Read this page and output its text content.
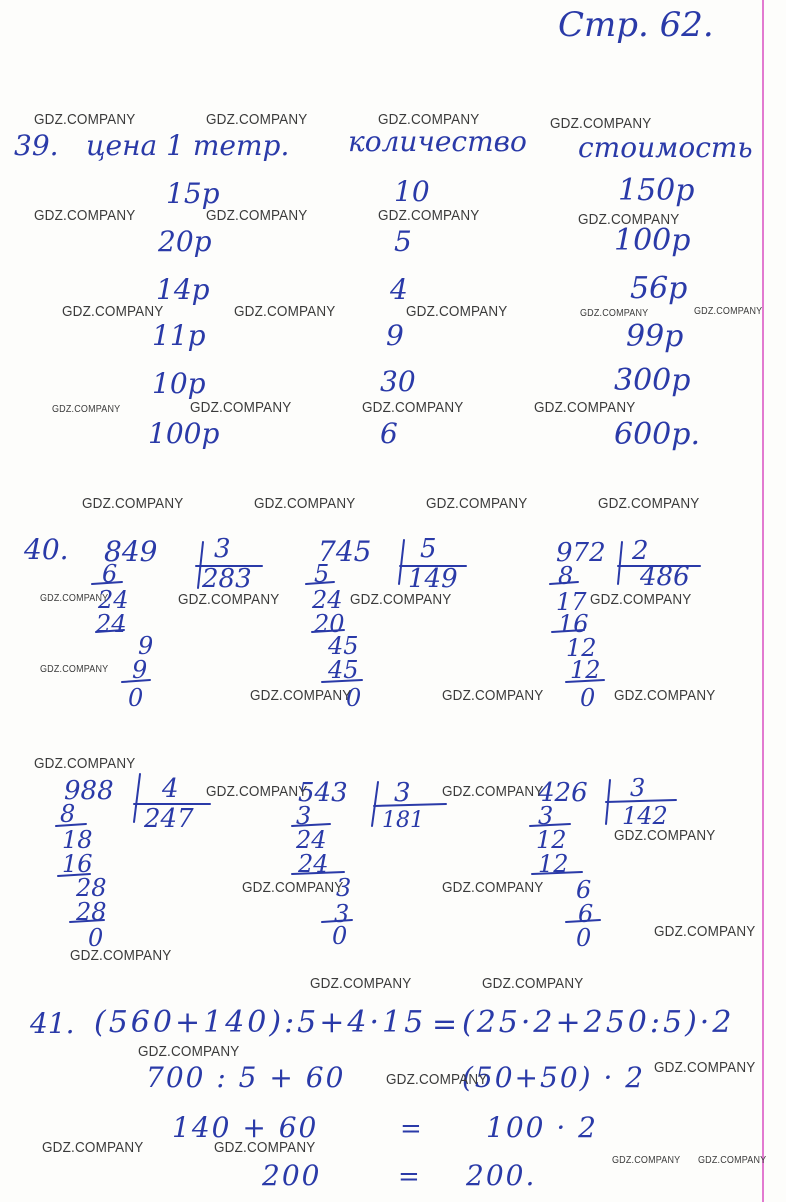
Стр. 62.
39. цена 1 тетр. количество стоимость
15р	10	150р
20р	5	100р
14р	4	56р
11р	9	99р
10р	30	300р
100р	6	600р.
40. 849 3
283
6
24
24
9
9
0
745 5
149
5
24
20
45
45
0
972 2
486
8
17
16
12
12
0
988 4
247
8
18
16
28
28
0
543 3
181
3
24
24
3
3
0
426 3
142
3
12
12
6
6
0
41. (560+140):5+4·15 = (25·2+250:5)·2
700 : 5 + 60	(50+50) · 2
140 + 60	= 100 · 2
200	= 200.
GDZ.COMPANY	GDZ.COMPANY	GDZ.COMPANY	GDZ.COMPANY
GDZ.COMPANY	GDZ.COMPANY	GDZ.COMPANY	GDZ.COMPANY
GDZ.COMPANY	GDZ.COMPANY	GDZ.COMPANY	GDZ.COMPANY	GDZ.COMPANY
GDZ.COMPANY	GDZ.COMPANY	GDZ.COMPANY	GDZ.COMPANY
GDZ.COMPANY	GDZ.COMPANY	GDZ.COMPANY	GDZ.COMPANY
GDZ.COMPANY	GDZ.COMPANY	GDZ.COMPANY	GDZ.COMPANY
GDZ.COMPANY
GDZ.COMPANY	GDZ.COMPANY	GDZ.COMPANY
GDZ.COMPANY
GDZ.COMPANY	GDZ.COMPANY
GDZ.COMPANY
GDZ.COMPANY	GDZ.COMPANY
GDZ.COMPANY
GDZ.COMPANY
GDZ.COMPANY	GDZ.COMPANY
GDZ.COMPANY
GDZ.COMPANY
GDZ.COMPANY
GDZ.COMPANY	GDZ.COMPANY
GDZ.COMPANY GDZ.COMPANY
